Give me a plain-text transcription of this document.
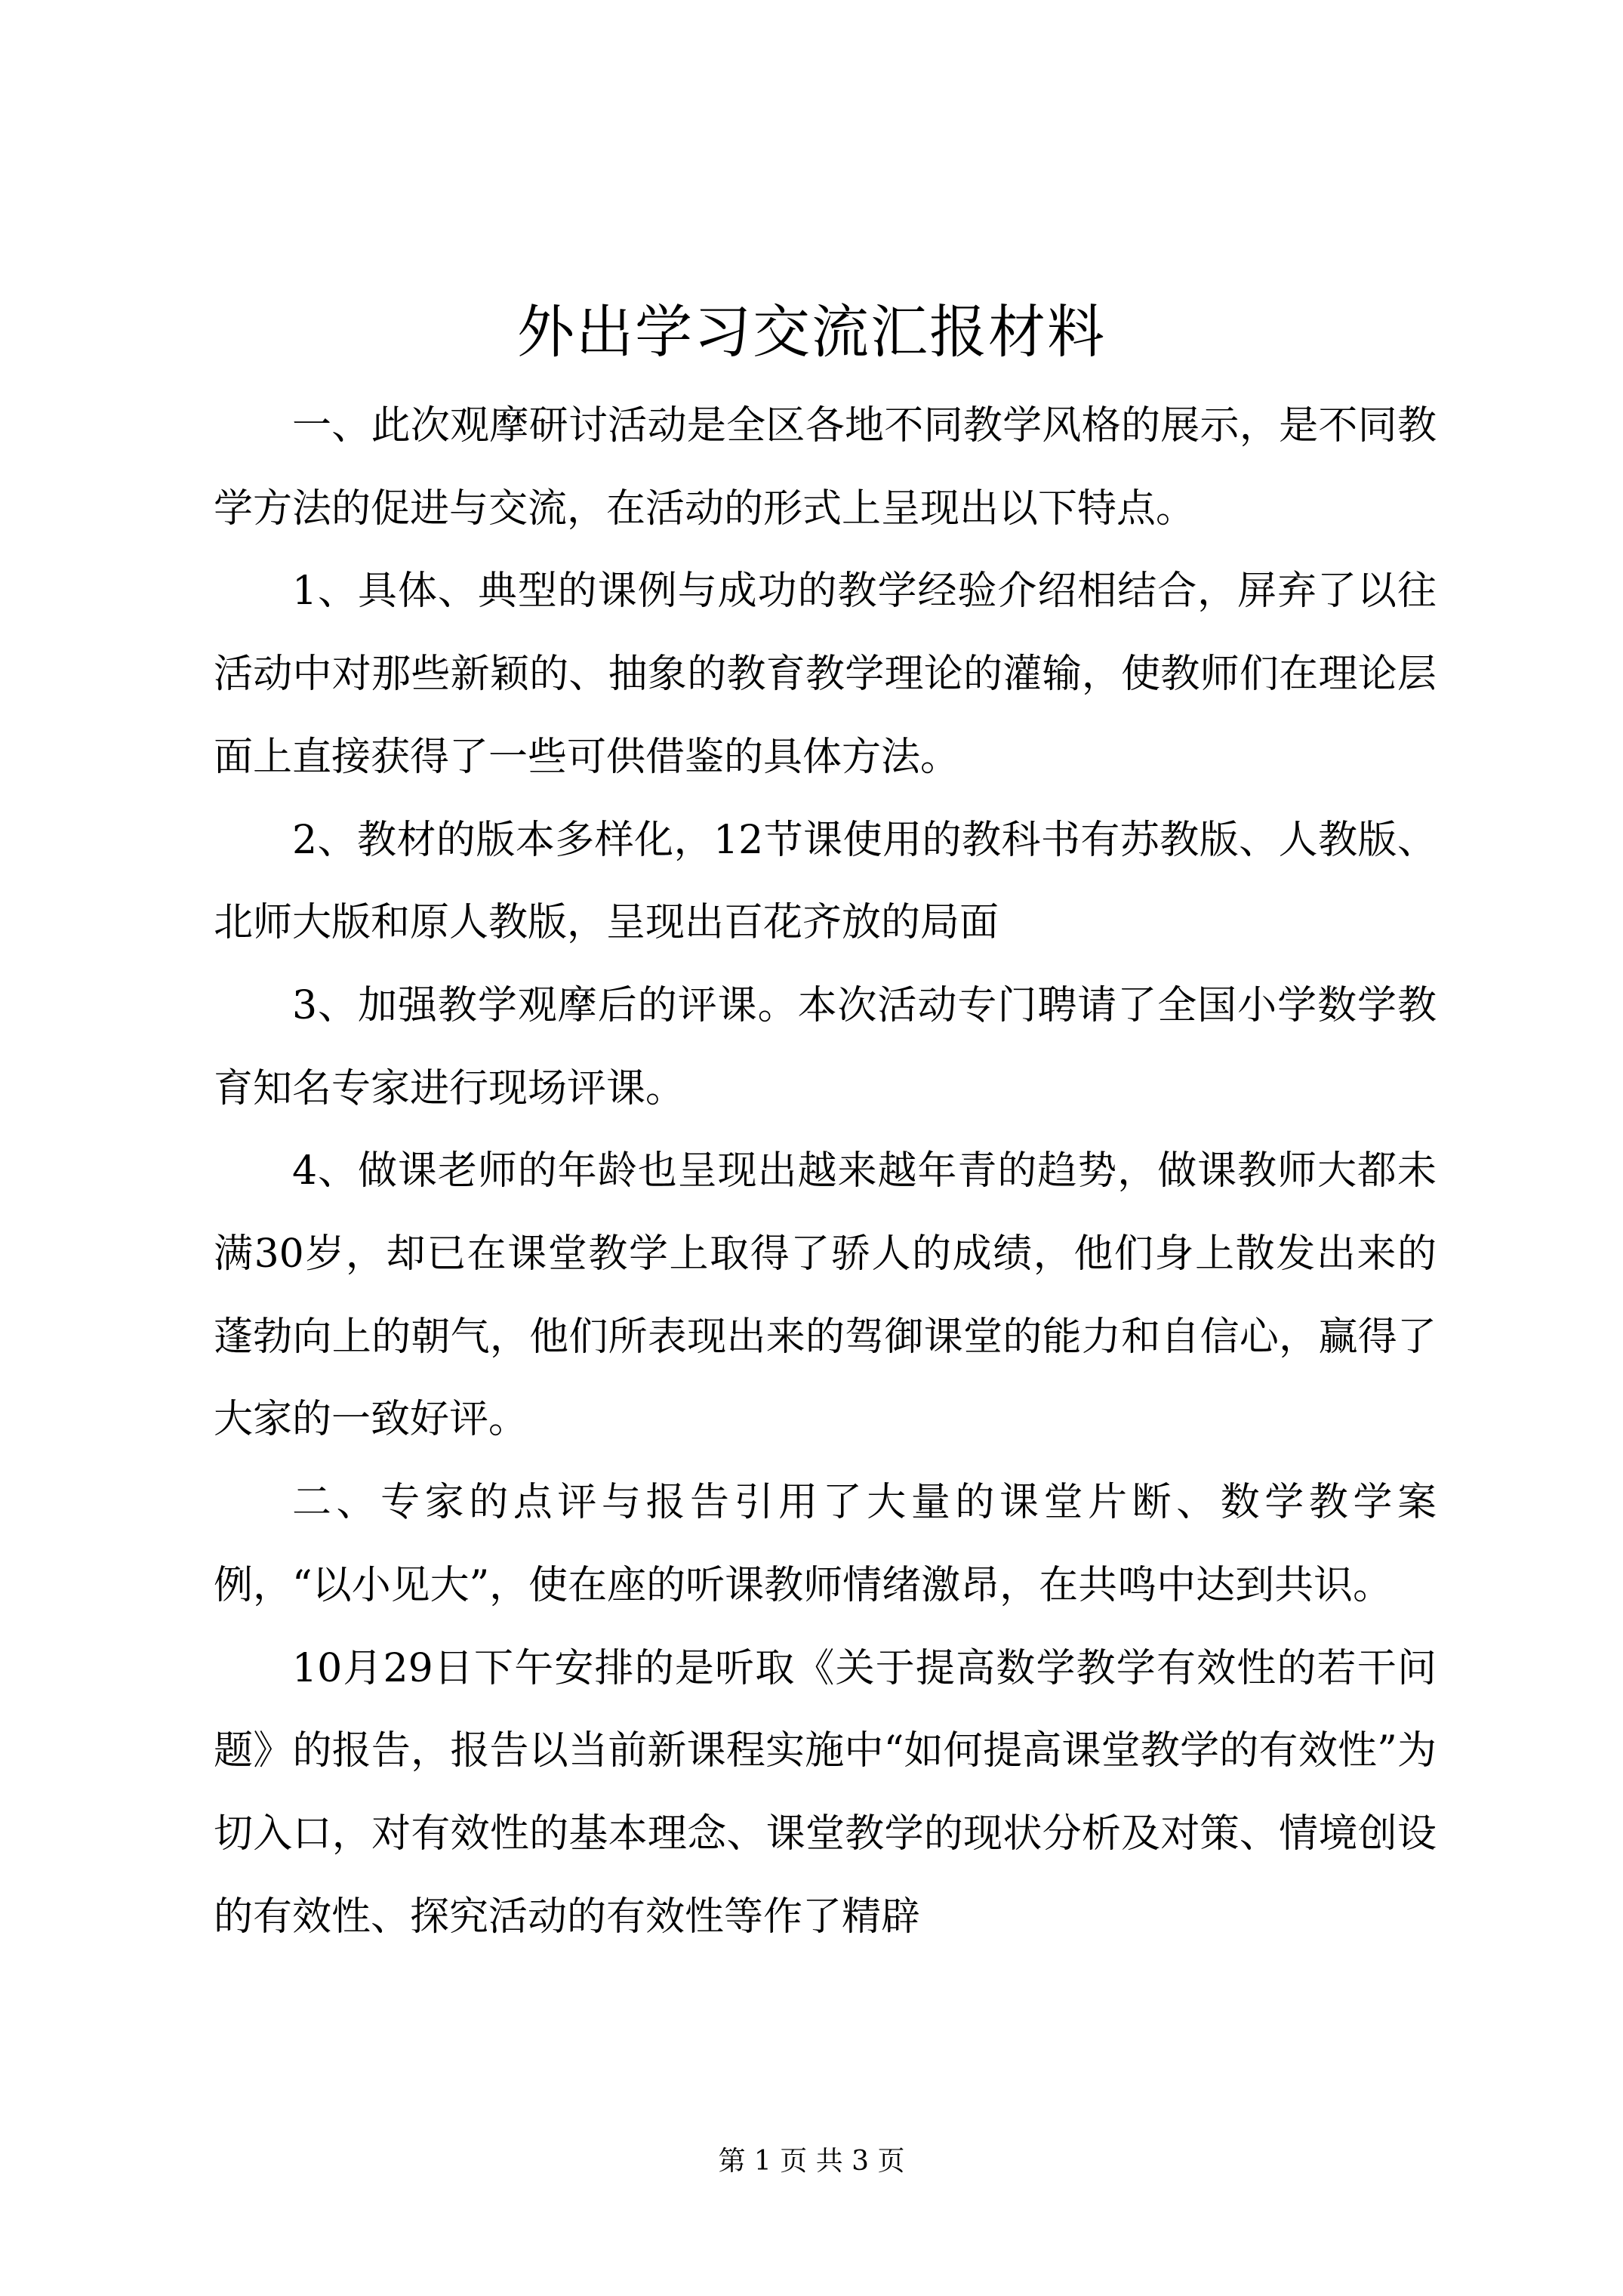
外出学习交流汇报材料

一、此次观摩研讨活动是全区各地不同教学风格的展示，是不同教学方法的促进与交流，在活动的形式上呈现出以下特点。

1、具体、典型的课例与成功的教学经验介绍相结合，屏弃了以往活动中对那些新颖的、抽象的教育教学理论的灌输，使教师们在理论层面上直接获得了一些可供借鉴的具体方法。

2、教材的版本多样化，12节课使用的教科书有苏教版、人教版、北师大版和原人教版，呈现出百花齐放的局面

3、加强教学观摩后的评课。本次活动专门聘请了全国小学数学教育知名专家进行现场评课。

4、做课老师的年龄也呈现出越来越年青的趋势，做课教师大都未满30岁，却已在课堂教学上取得了骄人的成绩，他们身上散发出来的蓬勃向上的朝气，他们所表现出来的驾御课堂的能力和自信心，赢得了大家的一致好评。

二、专家的点评与报告引用了大量的课堂片断、数学教学案例，“以小见大”，使在座的听课教师情绪激昂，在共鸣中达到共识。

10月29日下午安排的是听取《关于提高数学教学有效性的若干问题》的报告，报告以当前新课程实施中“如何提高课堂教学的有效性”为切入口，对有效性的基本理念、课堂教学的现状分析及对策、情境创设的有效性、探究活动的有效性等作了精辟

第 1 页 共 3 页
